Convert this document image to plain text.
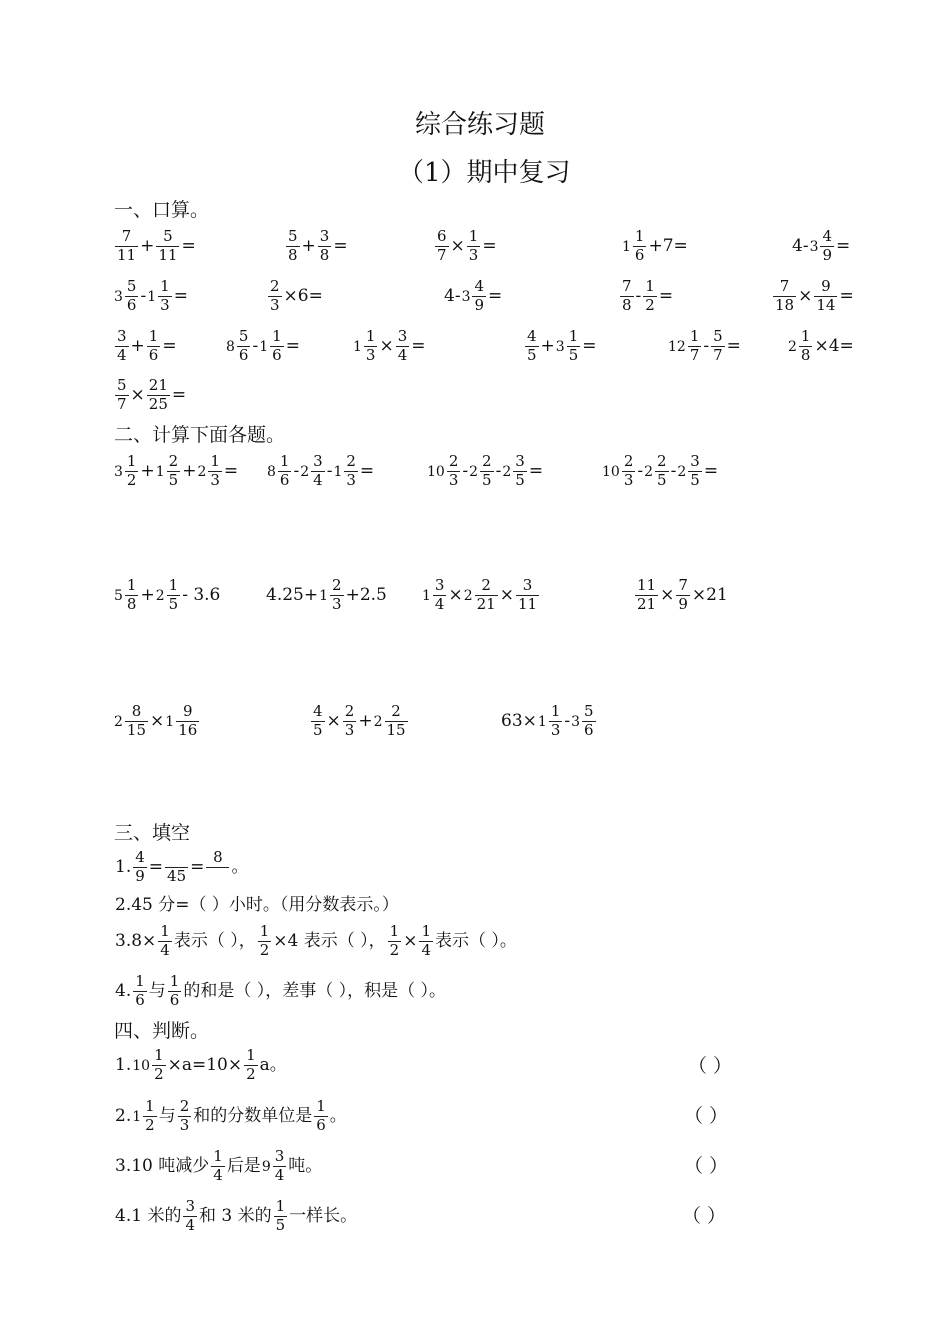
综合练习题
（1）期中复习
一、口算。
$\frac{7}{11} + \frac{5}{11}$ =	$\frac{5}{8} + \frac{3}{8}$ =	$\frac{6}{7} \times \frac{1}{3}$ =	$1 \frac{1}{6} +7=$	4- $3 \frac{4}{9}$ =
$3 \frac{5}{6} - 1 \frac{1}{3}$ =	$\frac{2}{3} \times 6=$	4- $3 \frac{4}{9}$ =	$\frac{7}{8} - \frac{1}{2}$ =	$\frac{7}{18} \times \frac{9}{14}$ =
$\frac{3}{4} + \frac{1}{6}$ =	$8 \frac{5}{6} - 1 \frac{1}{6}$ =	$1 \frac{1}{3} \times \frac{3}{4}$ =	$\frac{4}{5} + 3 \frac{1}{5}$ =	$12 \frac{1}{7} - \frac{5}{7}$ =	$2 \frac{1}{8} \times 4=$
$\frac{5}{7} \times \frac{21}{25}$ =
二、计算下面各题。
$3 \frac{1}{2} + 1 \frac{2}{5} + 2 \frac{1}{3} = 8 \frac{1}{6} - 2 \frac{3}{4} - 1 \frac{2}{3}$ =	$10 \frac{2}{3} - 2 \frac{2}{5} - 2 \frac{3}{5}$ =	$10 \frac{2}{3} - 2 \frac{2}{5} - 2 \frac{3}{5}$ =
$5 \frac{1}{8} + 2 \frac{1}{5} - 3.6$	$4.25+ 1 \frac{2}{3} +2.5$	$1 \frac{3}{4} \times 2 \frac{2}{21} \times \frac{3}{11}$	$\frac{11}{21} \times \frac{7}{9} \times 21$
$2 \frac{8}{15} \times 1 \frac{9}{16}$	$\frac{4}{5} \times \frac{2}{3} + 2 \frac{2}{15}$	$63\times 1 \frac{1}{3} - 3 \frac{5}{6}$
三、填空
1. $\frac{4}{9}$ =
   45 = 8
   。
2.45 分=（ ）小时。（用分数表示。）
$3.8\times \frac{1}{4}$ 表示（ ）， $\frac{1}{2} \times 4$ 表示（ ）， $\frac{1}{2} \times \frac{1}{4}$ 表示（ ）。
4. $\frac{1}{6}$ 与 $\frac{1}{6}$ 的和是（ ），差事（ ），积是（ ）。
四、判断。
1. $10 \frac{1}{2} \times a=10\times \frac{1}{2}$ a。	（ ）
2. $1 \frac{1}{2}$ 与 $\frac{2}{3}$ 和的分数单位是 $\frac{1}{6}$ 。	（ ）
3.10 吨减少 $\frac{1}{4}$ 后是 $9 \frac{3}{4}$ 吨。	（ ）
4.1 米的 $\frac{3}{4}$ 和 3 米的 $\frac{1}{5}$ 一样长。	（ ）
